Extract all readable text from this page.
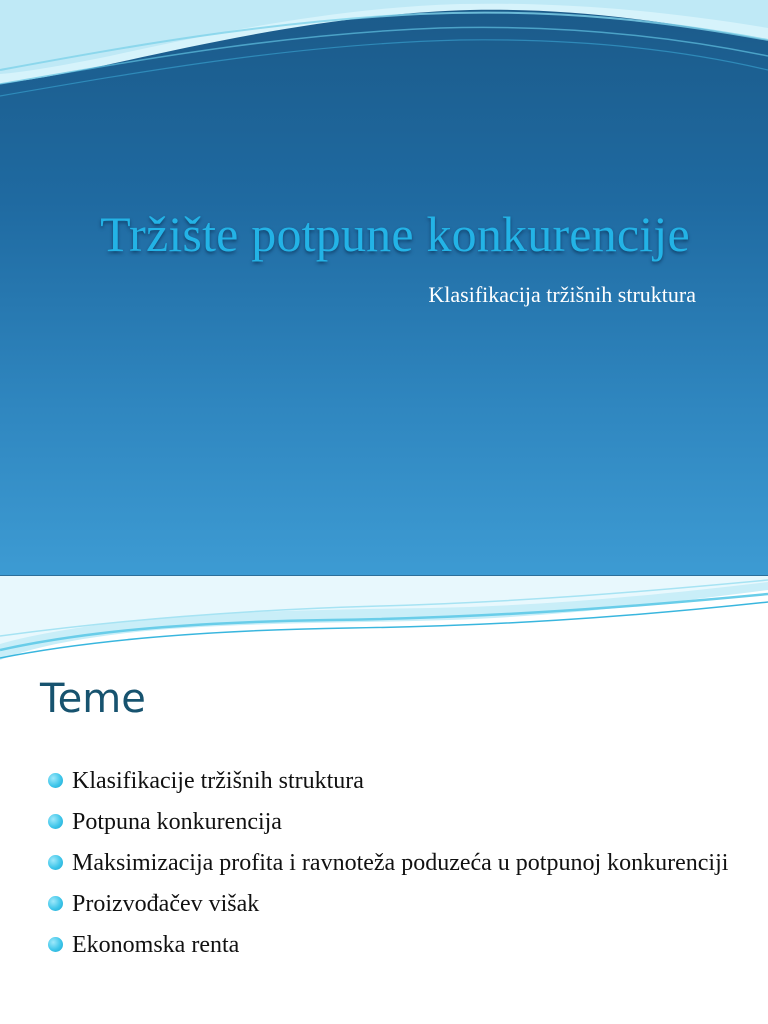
Tržište potpune konkurencije
Klasifikacija tržišnih struktura
Teme
Klasifikacije tržišnih struktura
Potpuna konkurencija
Maksimizacija profita i ravnoteža poduzeća u potpunoj konkurenciji
Proizvođačev višak
Ekonomska renta
